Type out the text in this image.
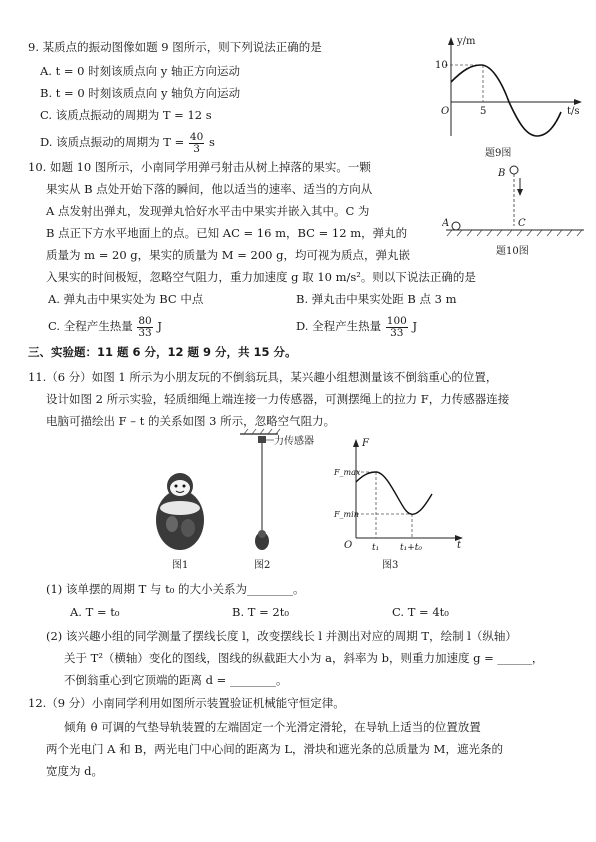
9. 某质点的振动图像如题 9 图所示，则下列说法正确的是
A. t = 0 时刻该质点向 y 轴正方向运动
B. t = 0 时刻该质点向 y 轴负方向运动
C. 该质点振动的周期为 T = 12 s
D. 该质点振动的周期为 $T = \frac{40}{3}$ s
y/m
t/s
10
5
O
题9图
10. 如题 10 图所示，小南同学用弹弓射击从树上掉落的果实。一颗
果实从 B 点处开始下落的瞬间，他以适当的速率、适当的方向从
A 点发射出弹丸，发现弹丸恰好水平击中果实并嵌入其中。C 为
B 点正下方水平地面上的点。已知 AC = 16 m，BC = 12 m，弹丸的
质量为 m = 20 g，果实的质量为 M = 200 g，均可视为质点，弹丸嵌
入果实的时间极短，忽略空气阻力，重力加速度 g 取 10 m/s²。则以下说法正确的是
A. 弹丸击中果实处为 BC 中点	B. 弹丸击中果实处距 B 点 3 m
C. 全程产生热量 $\frac{80}{33}$ J	D. 全程产生热量 $\frac{100}{33}$ J
B
C
A
题10图
三、实验题：11 题 6 分，12 题 9 分，共 15 分。
11.（6 分）如图 1 所示为小朋友玩的不倒翁玩具，某兴趣小组想测量该不倒翁重心的位置，
设计如图 2 所示实验，轻质细绳上端连接一力传感器，可测摆绳上的拉力 F，力传感器连接
电脑可描绘出 F – t 的关系如图 3 所示，忽略空气阻力。
图1
力传感器
图2
F
F_max
F_min
O	t
t₁ t₁+t₀
图3
(1) 该单摆的周期 T 与 t₀ 的大小关系为________。
A. T = t₀	B. T = 2t₀	C. T = 4t₀
(2) 该兴趣小组的同学测量了摆线长度 l，改变摆线长 l 并测出对应的周期 T，绘制 l（纵轴）
关于 T²（横轴）变化的图线，图线的纵截距大小为 a，斜率为 b，则重力加速度 g = ______，
不倒翁重心到它顶端的距离 d = ________。
12.（9 分）小南同学利用如图所示装置验证机械能守恒定律。
倾角 θ 可调的气垫导轨装置的左端固定一个光滑定滑轮，在导轨上适当的位置放置
两个光电门 A 和 B，两光电门中心间的距离为 L，滑块和遮光条的总质量为 M，遮光条的
宽度为 d。
